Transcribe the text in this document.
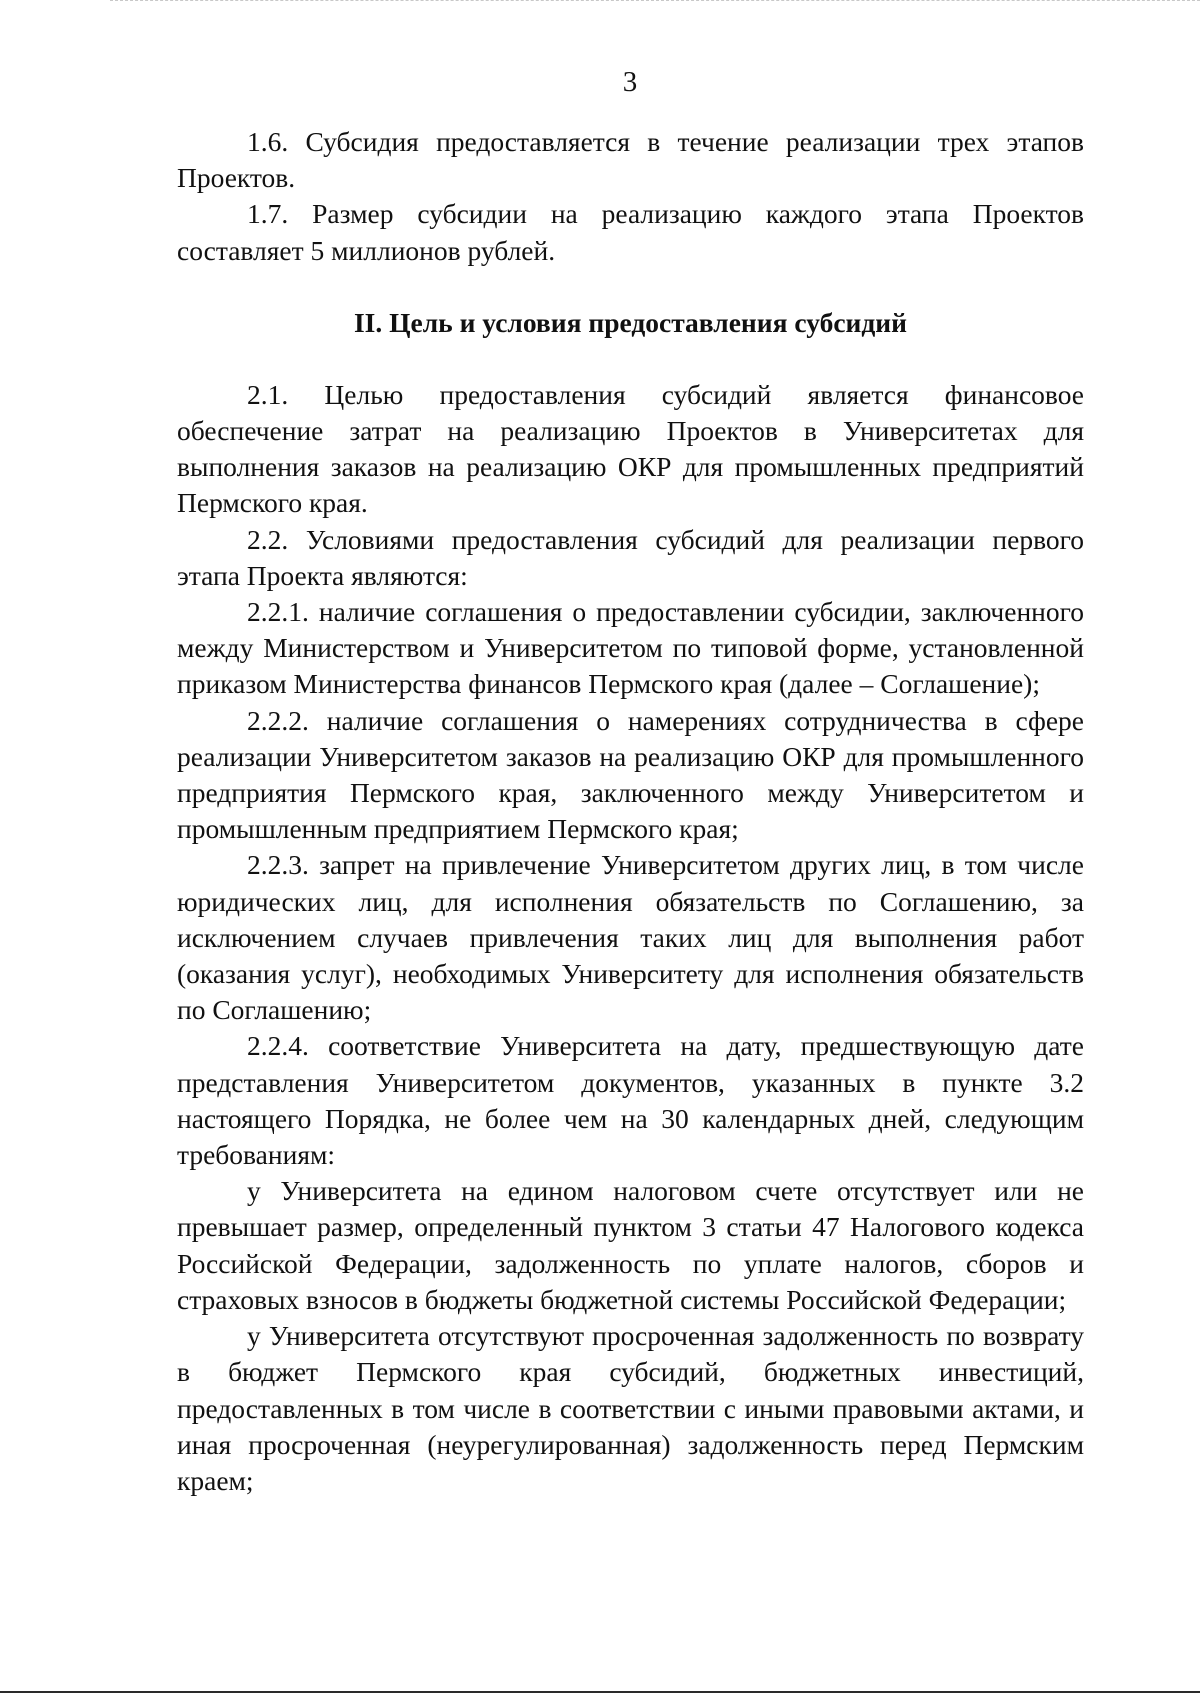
3

1.6. Субсидия предоставляется в течение реализации трех этапов Проектов.

1.7. Размер субсидии на реализацию каждого этапа Проектов составляет 5 миллионов рублей.

II. Цель и условия предоставления субсидий

2.1. Целью предоставления субсидий является финансовое обеспечение затрат на реализацию Проектов в Университетах для выполнения заказов на реализацию ОКР для промышленных предприятий Пермского края.

2.2. Условиями предоставления субсидий для реализации первого этапа Проекта являются:

2.2.1. наличие соглашения о предоставлении субсидии, заключенного между Министерством и Университетом по типовой форме, установленной приказом Министерства финансов Пермского края (далее – Соглашение);

2.2.2. наличие соглашения о намерениях сотрудничества в сфере реализации Университетом заказов на реализацию ОКР для промышленного предприятия Пермского края, заключенного между Университетом и промышленным предприятием Пермского края;

2.2.3. запрет на привлечение Университетом других лиц, в том числе юридических лиц, для исполнения обязательств по Соглашению, за исключением случаев привлечения таких лиц для выполнения работ (оказания услуг), необходимых Университету для исполнения обязательств по Соглашению;

2.2.4. соответствие Университета на дату, предшествующую дате представления Университетом документов, указанных в пункте 3.2 настоящего Порядка, не более чем на 30 календарных дней, следующим требованиям:

у Университета на едином налоговом счете отсутствует или не превышает размер, определенный пунктом 3 статьи 47 Налогового кодекса Российской Федерации, задолженность по уплате налогов, сборов и страховых взносов в бюджеты бюджетной системы Российской Федерации;

у Университета отсутствуют просроченная задолженность по возврату в бюджет Пермского края субсидий, бюджетных инвестиций, предоставленных в том числе в соответствии с иными правовыми актами, и иная просроченная (неурегулированная) задолженность перед Пермским краем;
